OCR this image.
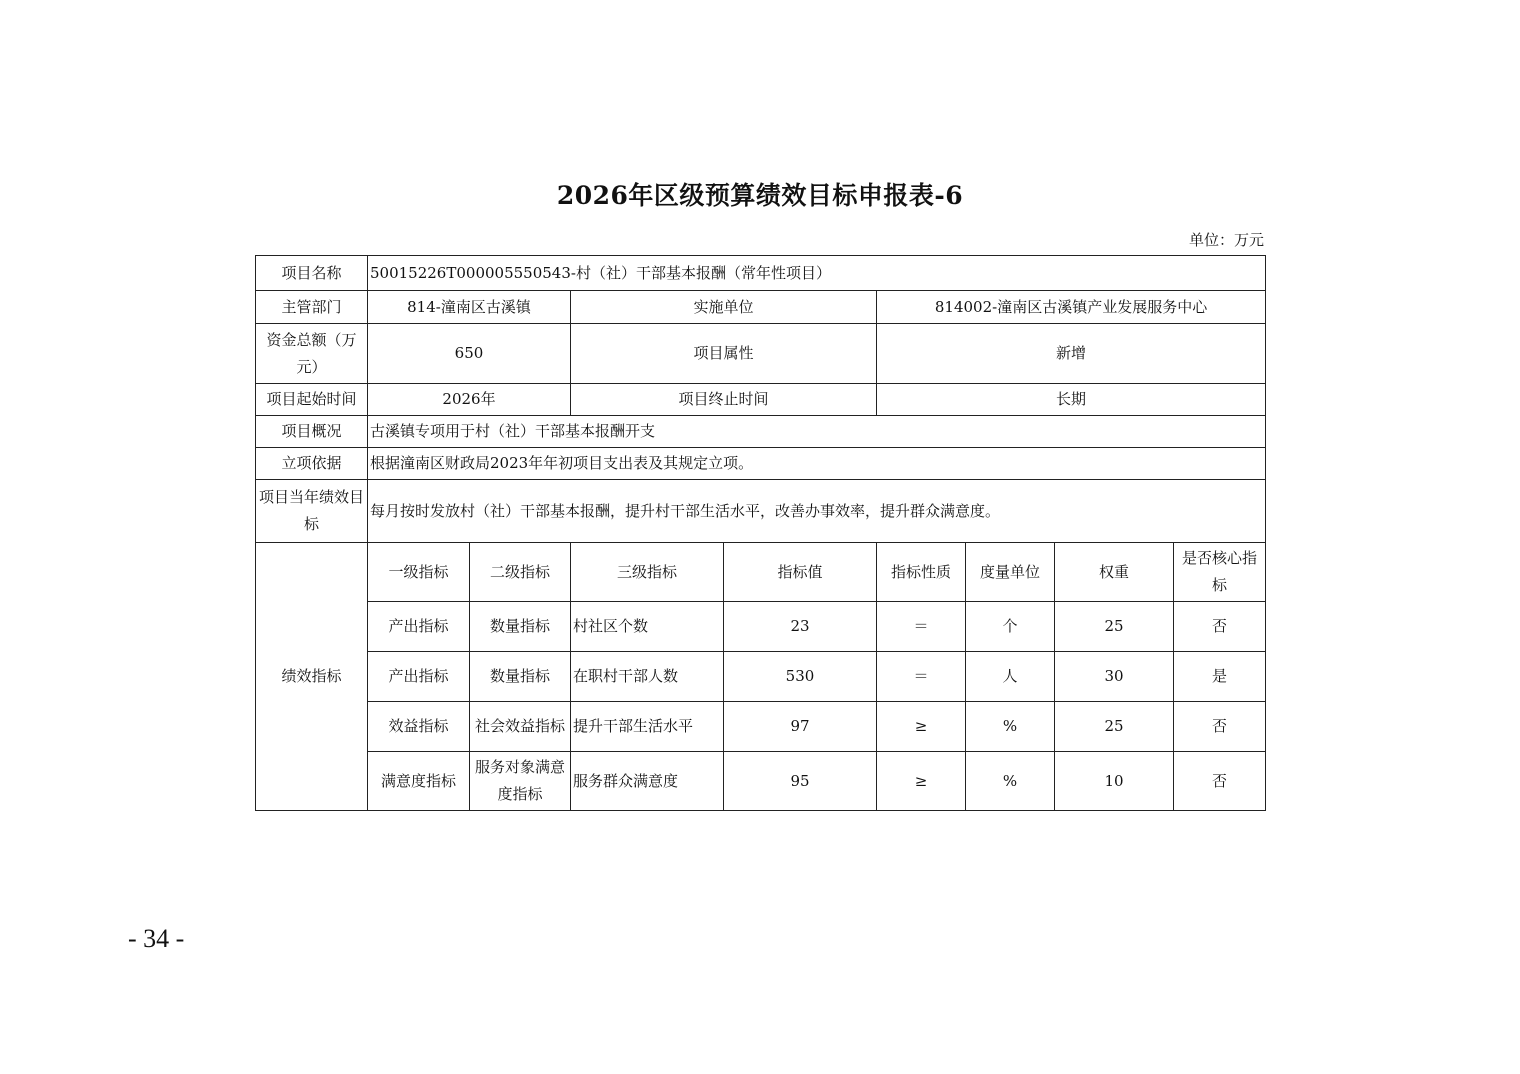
2026年区级预算绩效目标申报表-6
单位：万元
项目名称	50015226T000005550543-村（社）干部基本报酬（常年性项目）							
主管部门	814-潼南区古溪镇		实施单位		814002-潼南区古溪镇产业发展服务中心			
资金总额（万元）	650		项目属性		新增			
项目起始时间	2026年		项目终止时间		长期			
项目概况	古溪镇专项用于村（社）干部基本报酬开支							
立项依据	根据潼南区财政局2023年年初项目支出表及其规定立项。							
项目当年绩效目标	每月按时发放村（社）干部基本报酬，提升村干部生活水平，改善办事效率，提升群众满意度。							
绩效指标	一级指标	二级指标	三级指标	指标值	指标性质	度量单位	权重	是否核心指标
	产出指标	数量指标	村社区个数	23	＝	个	25	否
	产出指标	数量指标	在职村干部人数	530	＝	人	30	是
	效益指标	社会效益指标	提升干部生活水平	97	≥	%	25	否
	满意度指标	服务对象满意度指标	服务群众满意度	95	≥	%	10	否
- 34 -
